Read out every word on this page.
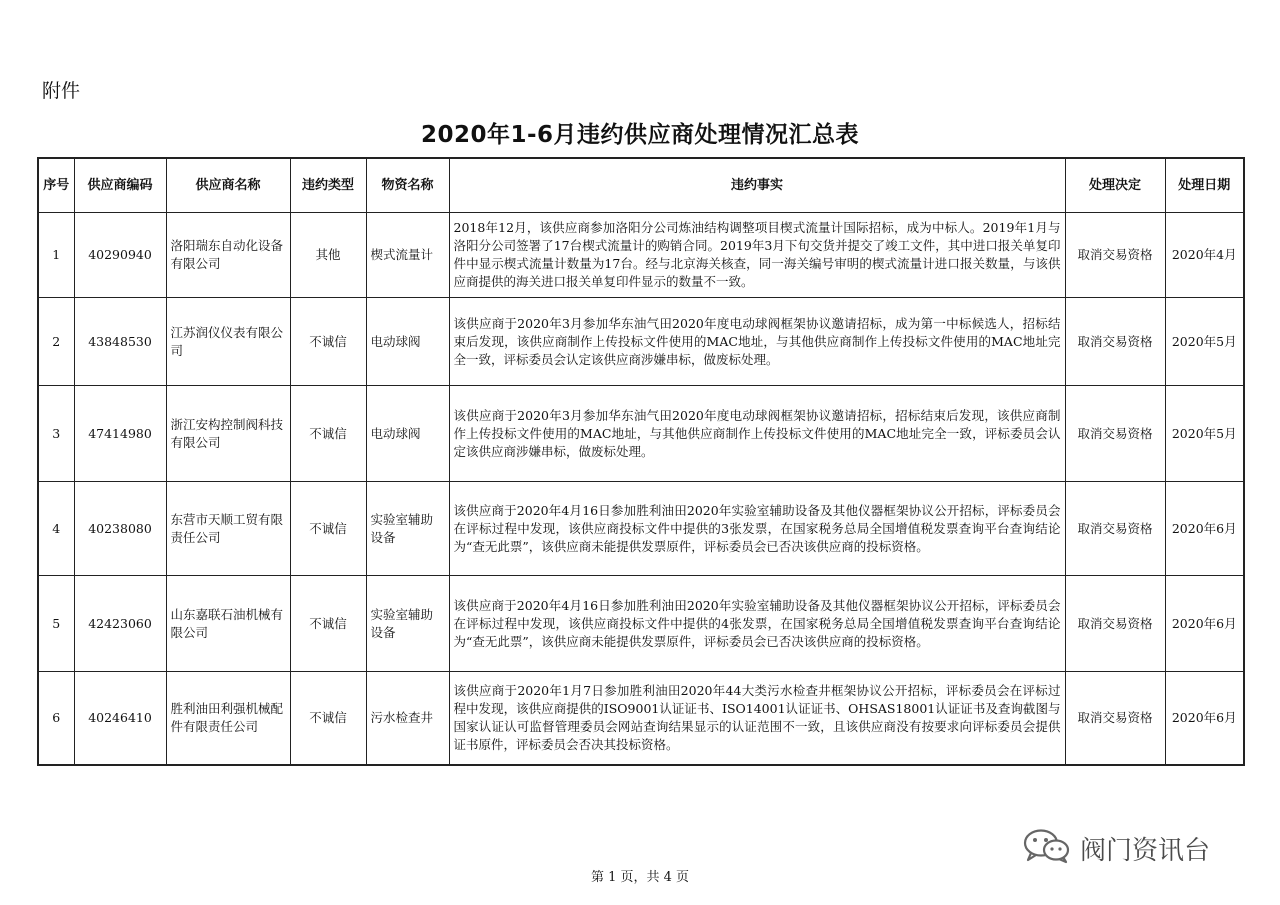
附件
2020年1-6月违约供应商处理情况汇总表
序号	供应商编码	供应商名称	违约类型	物资名称	违约事实	处理决定	处理日期
1	40290940	洛阳瑞东自动化设备有限公司	其他	楔式流量计	2018年12月，该供应商参加洛阳分公司炼油结构调整项目楔式流量计国际招标，成为中标人。2019年1月与洛阳分公司签署了17台楔式流量计的购销合同。2019年3月下旬交货并提交了竣工文件，其中进口报关单复印件中显示楔式流量计数量为17台。经与北京海关核查，同一海关编号审明的楔式流量计进口报关数量，与该供应商提供的海关进口报关单复印件显示的数量不一致。	取消交易资格	2020年4月
2	43848530	江苏润仪仪表有限公司	不诚信	电动球阀	该供应商于2020年3月参加华东油气田2020年度电动球阀框架协议邀请招标，成为第一中标候选人，招标结束后发现，该供应商制作上传投标文件使用的MAC地址，与其他供应商制作上传投标文件使用的MAC地址完全一致，评标委员会认定该供应商涉嫌串标，做废标处理。	取消交易资格	2020年5月
3	47414980	浙江安构控制阀科技有限公司	不诚信	电动球阀	该供应商于2020年3月参加华东油气田2020年度电动球阀框架协议邀请招标，招标结束后发现，该供应商制作上传投标文件使用的MAC地址，与其他供应商制作上传投标文件使用的MAC地址完全一致，评标委员会认定该供应商涉嫌串标，做废标处理。	取消交易资格	2020年5月
4	40238080	东营市天顺工贸有限责任公司	不诚信	实验室辅助设备	该供应商于2020年4月16日参加胜利油田2020年实验室辅助设备及其他仪器框架协议公开招标，评标委员会在评标过程中发现，该供应商投标文件中提供的3张发票，在国家税务总局全国增值税发票查询平台查询结论为“查无此票”，该供应商未能提供发票原件，评标委员会已否决该供应商的投标资格。	取消交易资格	2020年6月
5	42423060	山东嘉联石油机械有限公司	不诚信	实验室辅助设备	该供应商于2020年4月16日参加胜利油田2020年实验室辅助设备及其他仪器框架协议公开招标，评标委员会在评标过程中发现，该供应商投标文件中提供的4张发票，在国家税务总局全国增值税发票查询平台查询结论为“查无此票”，该供应商未能提供发票原件，评标委员会已否决该供应商的投标资格。	取消交易资格	2020年6月
6	40246410	胜利油田利强机械配件有限责任公司	不诚信	污水检查井	该供应商于2020年1月7日参加胜利油田2020年44大类污水检查井框架协议公开招标，评标委员会在评标过程中发现，该供应商提供的ISO9001认证证书、ISO14001认证证书、OHSAS18001认证证书及查询截图与国家认证认可监督管理委员会网站查询结果显示的认证范围不一致，且该供应商没有按要求向评标委员会提供证书原件，评标委员会否决其投标资格。	取消交易资格	2020年6月
阀门资讯台
第 1 页，共 4 页
